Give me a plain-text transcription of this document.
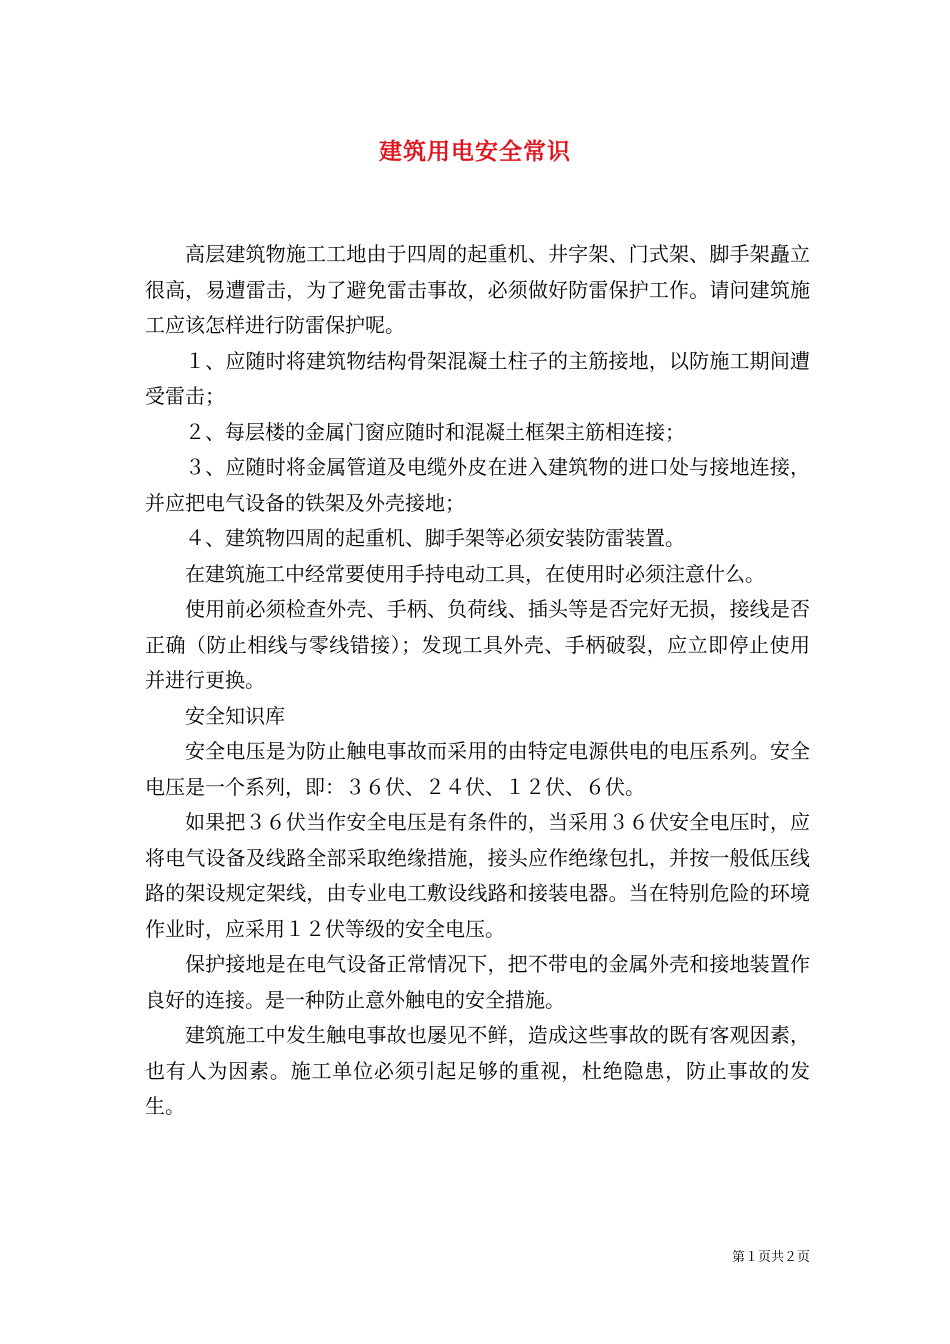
建筑用电安全常识

高层建筑物施工工地由于四周的起重机、井字架、门式架、脚手架矗立很高，易遭雷击，为了避免雷击事故，必须做好防雷保护工作。请问建筑施工应该怎样进行防雷保护呢。

１、应随时将建筑物结构骨架混凝土柱子的主筋接地，以防施工期间遭受雷击；

２、每层楼的金属门窗应随时和混凝土框架主筋相连接；

３、应随时将金属管道及电缆外皮在进入建筑物的进口处与接地连接，并应把电气设备的铁架及外壳接地；

４、建筑物四周的起重机、脚手架等必须安装防雷装置。

在建筑施工中经常要使用手持电动工具，在使用时必须注意什么。

使用前必须检查外壳、手柄、负荷线、插头等是否完好无损，接线是否正确（防止相线与零线错接）；发现工具外壳、手柄破裂，应立即停止使用并进行更换。

安全知识库

安全电压是为防止触电事故而采用的由特定电源供电的电压系列。安全电压是一个系列，即：３６伏、２４伏、１２伏、６伏。

如果把３６伏当作安全电压是有条件的，当采用３６伏安全电压时，应将电气设备及线路全部采取绝缘措施，接头应作绝缘包扎，并按一般低压线路的架设规定架线，由专业电工敷设线路和接装电器。当在特别危险的环境作业时，应采用１２伏等级的安全电压。

保护接地是在电气设备正常情况下，把不带电的金属外壳和接地装置作良好的连接。是一种防止意外触电的安全措施。

建筑施工中发生触电事故也屡见不鲜，造成这些事故的既有客观因素，也有人为因素。施工单位必须引起足够的重视，杜绝隐患，防止事故的发生。

第１页共２页
